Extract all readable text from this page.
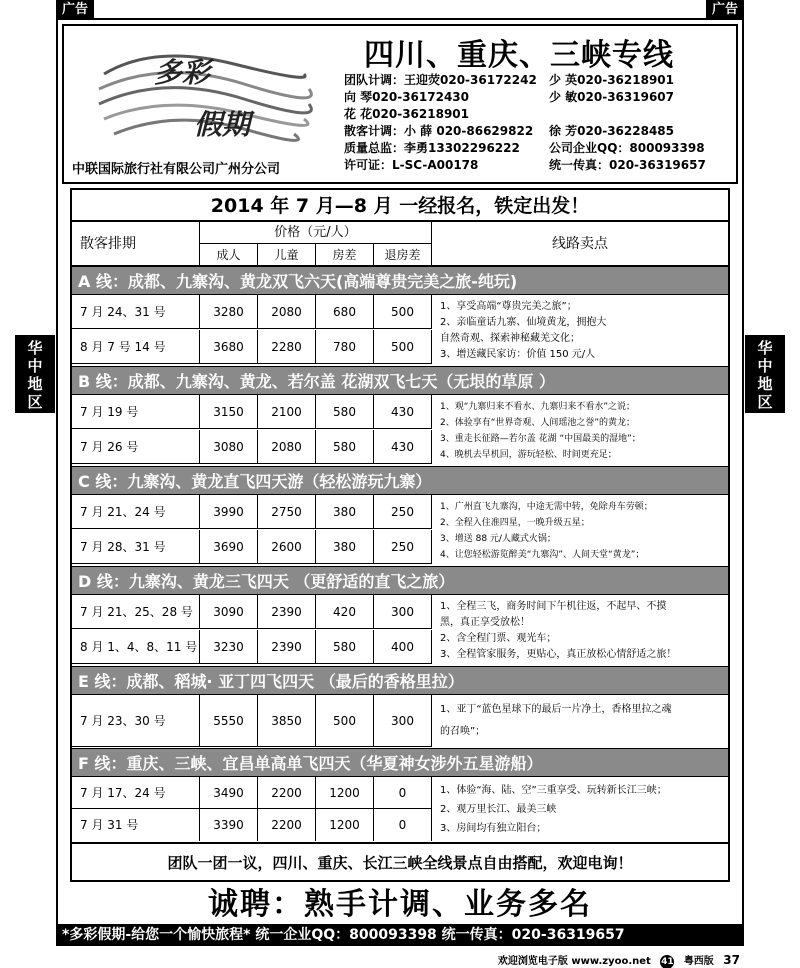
广告	广告
华
中
地
区
华
中
地
区
多彩
假期
中联国际旅行社有限公司广州分公司
四川、重庆、三峡专线
团队计调：王迎荧020-36172242 少 英020-36218901
向 琴020-36172430	少 敏020-36319607
花 花020-36218901
散客计调：小 薛 020-86629822 徐 芳020-36228485
质量总监：李勇13302296222 公司企业QQ：800093398
许可证：L-SC-A00178	统一传真：020-36319657
2014 年 7 月—8 月 一经报名，铁定出发！
散客排期
价格（元/人）
成人	儿童	房差	退房差
线路卖点
A 线：成都、九寨沟、黄龙双飞六天(高端尊贵完美之旅-纯玩)
7 月 24、31 号	3280	2080	680	500
8 月 7 号 14 号	3680	2280	780	500
1、享受高端“尊贵完美之旅”；
2、亲临童话九寨、仙境黄龙，拥抱大
自然奇观、探索神秘藏羌文化；
3、增送藏民家访：价值 150 元/人
B 线：成都、九寨沟、黄龙、若尔盖 花湖双飞七天（无垠的草原 ）
7 月 19 号	3150	2100	580	430
7 月 26 号	3080	2080	580	430
1、观“九寨归来不看水、九寨归来不看水”之说；
2、体验享有“世界奇观、人间瑶池之誉”的黄龙；
3、重走长征路—若尔盖 花湖 “中国最美的湿地”；
4、晚机去早机回，游玩轻松、时间更充足；
C 线：九寨沟、黄龙直飞四天游（轻松游玩九寨）
7 月 21、24 号	3990	2750	380	250
7 月 28、31 号	3690	2600	380	250
1、广州直飞九寨沟，中途无需中转，免除舟车劳顿；
2、全程入住准四星，一晚升级五星；
3、增送 88 元/人藏式火锅；
4、让您轻松游览醉美“九寨沟”、人间天堂“黄龙”；
D 线：九寨沟、黄龙三飞四天 （更舒适的直飞之旅）
7 月 21、25、28 号	3090	2390	420	300
8 月 1、4、8、11 号	3230	2390	580	400
1、全程三飞，商务时间下午机往返，不起早、不摸
黑，真正享受放松！
2、含全程门票、观光车；
3、全程管家服务，更贴心，真正放松心情舒适之旅！
E 线：成都、稻城· 亚丁四飞四天 （最后的香格里拉）
7 月 23、30 号	5550	3850	500	300
1、亚丁“蓝色星球下的最后一片净土，香格里拉之魂
的召唤”；
F 线：重庆、三峡、宜昌单高单飞四天（华夏神女涉外五星游船）
7 月 17、24 号	3490	2200	1200	0
7 月 31 号	3390	2200	1200	0
1、体验“海、陆、空”三重享受、玩转新长江三峡；
2、观万里长江、最美三峡
3、房间均有独立阳台；
团队一团一议，四川、重庆、长江三峡全线景点自由搭配，欢迎电询！
诚聘：熟手计调、业务多名
*多彩假期-给您一个愉快旅程* 统一企业QQ：800093398 统一传真：020-36319657
欢迎浏览电子版 www.zyoo.net 41 粤西版 37
